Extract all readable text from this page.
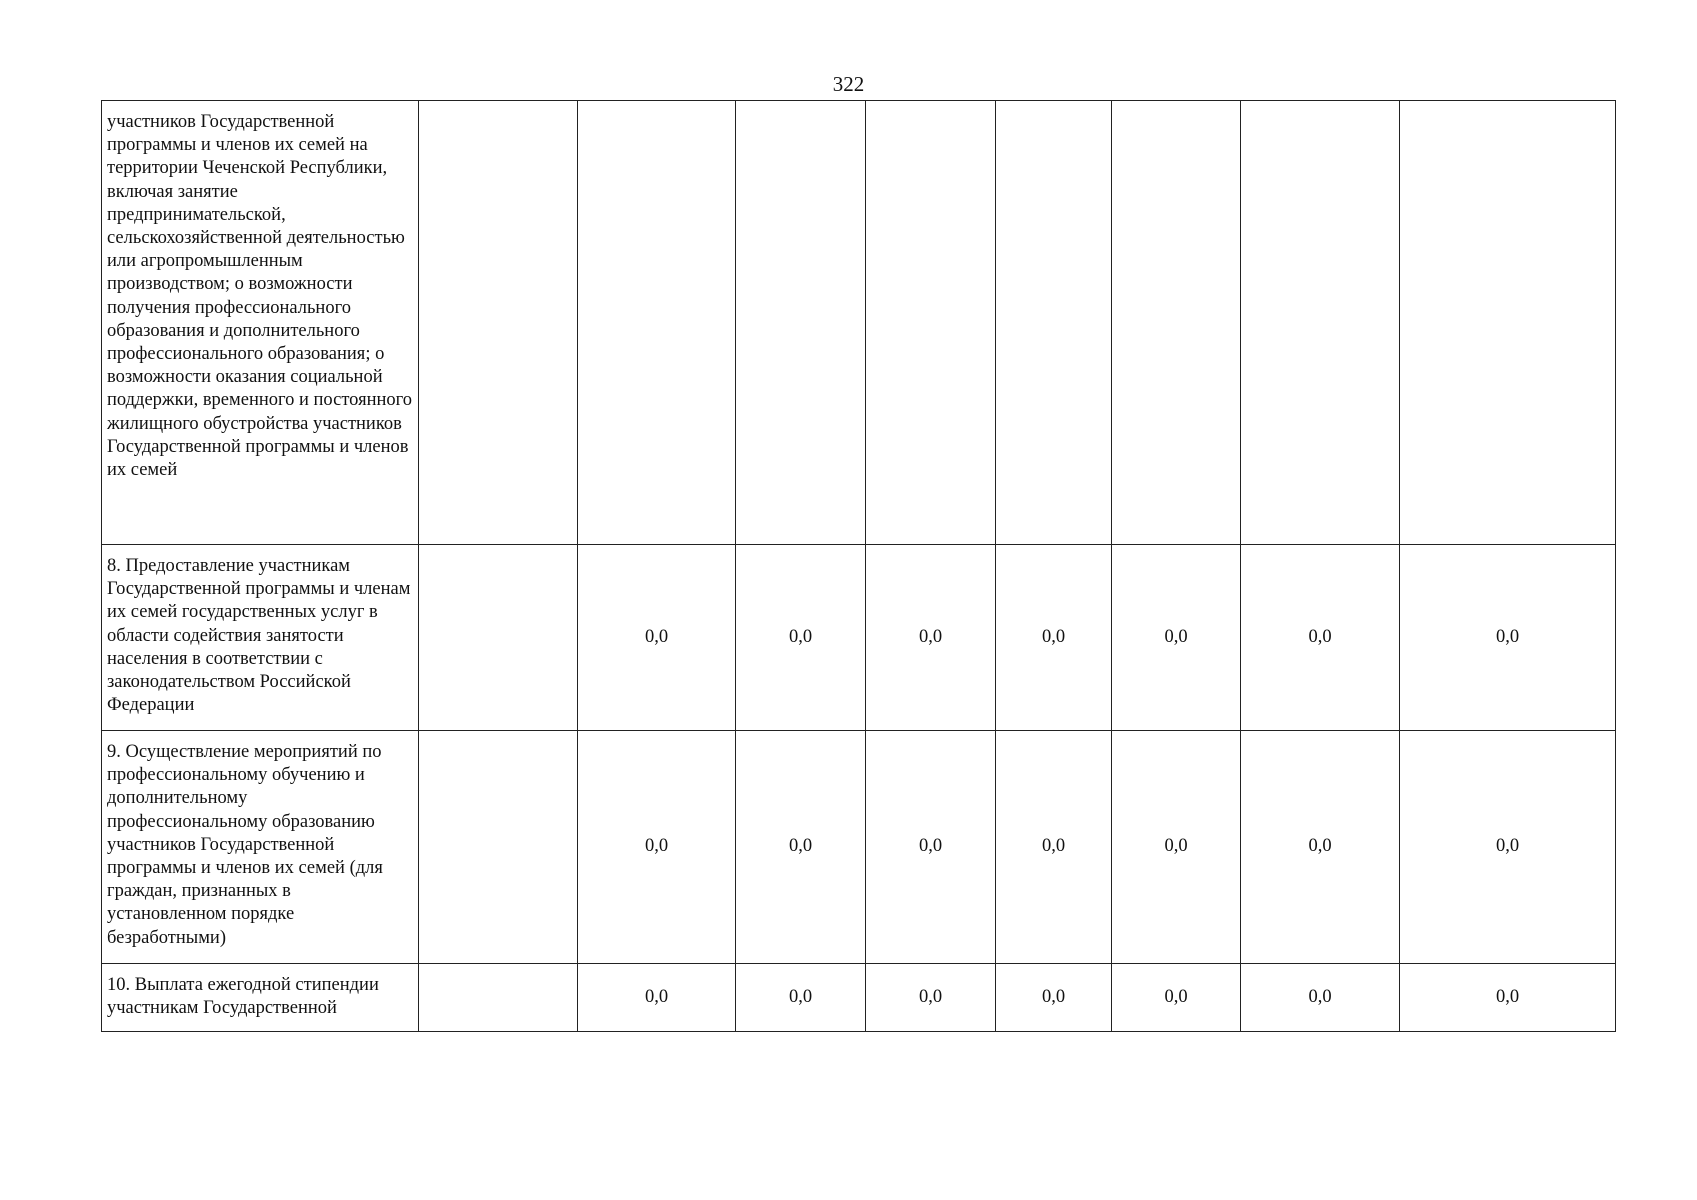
322
участников Государственной программы и членов их семей на территории Чеченской Республики, включая занятие предпринимательской, сельскохозяйственной деятельностью или агропромышленным производством; о возможности получения профессионального образования и дополнительного профессионального образования; о возможности оказания социальной поддержки, временного и постоянного жилищного обустройства участников Государственной программы и членов их семей								
8. Предоставление участникам Государственной программы и членам их семей государственных услуг в области содействия занятости населения в соответствии с законодательством Российской Федерации		0,0	0,0	0,0	0,0	0,0	0,0	0,0
9. Осуществление мероприятий по профессиональному обучению и дополнительному профессиональному образованию участников Государственной программы и членов их семей (для граждан, признанных в установленном порядке безработными)		0,0	0,0	0,0	0,0	0,0	0,0	0,0
10. Выплата ежегодной стипендии участникам Государственной		0,0	0,0	0,0	0,0	0,0	0,0	0,0
